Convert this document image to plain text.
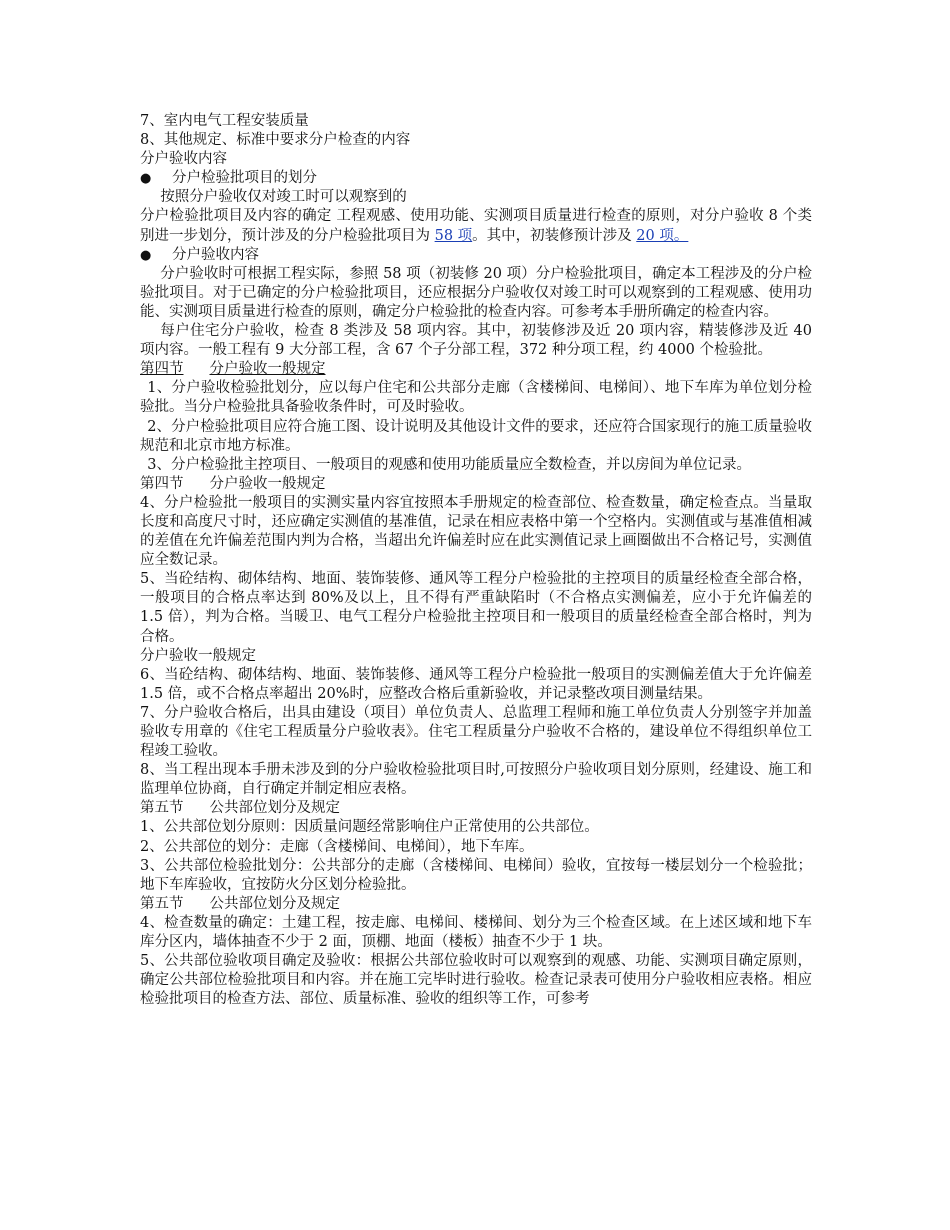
7、室内电气工程安装质量

8、其他规定、标准中要求分户检查的内容

分户验收内容

●	分户检验批项目的划分

按照分户验收仅对竣工时可以观察到的

分户检验批项目及内容的确定 工程观感、使用功能、实测项目质量进行检查的原则，对分户验收 8 个类别进一步划分，预计涉及的分户检验批项目为 58 项。其中，初装修预计涉及 20 项。

●	分户验收内容

分户验收时可根据工程实际，参照 58 项（初装修 20 项）分户检验批项目，确定本工程涉及的分户检验批项目。对于已确定的分户检验批项目，还应根据分户验收仅对竣工时可以观察到的工程观感、使用功能、实测项目质量进行检查的原则，确定分户检验批的检查内容。可参考本手册所确定的检查内容。

每户住宅分户验收，检查 8 类涉及 58 项内容。其中，初装修涉及近 20 项内容，精装修涉及近 40 项内容。一般工程有 9 大分部工程，含 67 个子分部工程，372 种分项工程，约 4000 个检验批。

第四节 分户验收一般规定

1、分户验收检验批划分，应以每户住宅和公共部分走廊（含楼梯间、电梯间）、地下车库为单位划分检验批。当分户检验批具备验收条件时，可及时验收。

2、分户检验批项目应符合施工图、设计说明及其他设计文件的要求，还应符合国家现行的施工质量验收规范和北京市地方标准。

3、分户检验批主控项目、一般项目的观感和使用功能质量应全数检查，并以房间为单位记录。

第四节 分户验收一般规定

4、分户检验批一般项目的实测实量内容宜按照本手册规定的检查部位、检查数量，确定检查点。当量取长度和高度尺寸时，还应确定实测值的基准值，记录在相应表格中第一个空格内。实测值或与基准值相减的差值在允许偏差范围内判为合格，当超出允许偏差时应在此实测值记录上画圈做出不合格记号，实测值应全数记录。

5、当砼结构、砌体结构、地面、装饰装修、通风等工程分户检验批的主控项目的质量经检查全部合格，一般项目的合格点率达到 80%及以上，且不得有严重缺陷时（不合格点实测偏差，应小于允许偏差的 1.5 倍），判为合格。当暖卫、电气工程分户检验批主控项目和一般项目的质量经检查全部合格时，判为合格。

分户验收一般规定

6、当砼结构、砌体结构、地面、装饰装修、通风等工程分户检验批一般项目的实测偏差值大于允许偏差 1.5 倍，或不合格点率超出 20%时，应整改合格后重新验收，并记录整改项目测量结果。

7、分户验收合格后，出具由建设（项目）单位负责人、总监理工程师和施工单位负责人分别签字并加盖验收专用章的《住宅工程质量分户验收表》。住宅工程质量分户验收不合格的，建设单位不得组织单位工程竣工验收。

8、当工程出现本手册未涉及到的分户验收检验批项目时,可按照分户验收项目划分原则，经建设、施工和监理单位协商，自行确定并制定相应表格。

第五节 公共部位划分及规定

1、公共部位划分原则：因质量问题经常影响住户正常使用的公共部位。

2、公共部位的划分：走廊（含楼梯间、电梯间），地下车库。

3、公共部位检验批划分：公共部分的走廊（含楼梯间、电梯间）验收，宜按每一楼层划分一个检验批；地下车库验收，宜按防火分区划分检验批。

第五节 公共部位划分及规定

4、检查数量的确定：土建工程，按走廊、电梯间、楼梯间、划分为三个检查区域。在上述区域和地下车库分区内，墙体抽查不少于 2 面，顶棚、地面（楼板）抽查不少于 1 块。

5、公共部位验收项目确定及验收：根据公共部位验收时可以观察到的观感、功能、实测项目确定原则，确定公共部位检验批项目和内容。并在施工完毕时进行验收。检查记录表可使用分户验收相应表格。相应检验批项目的检查方法、部位、质量标准、验收的组织等工作，可参考
